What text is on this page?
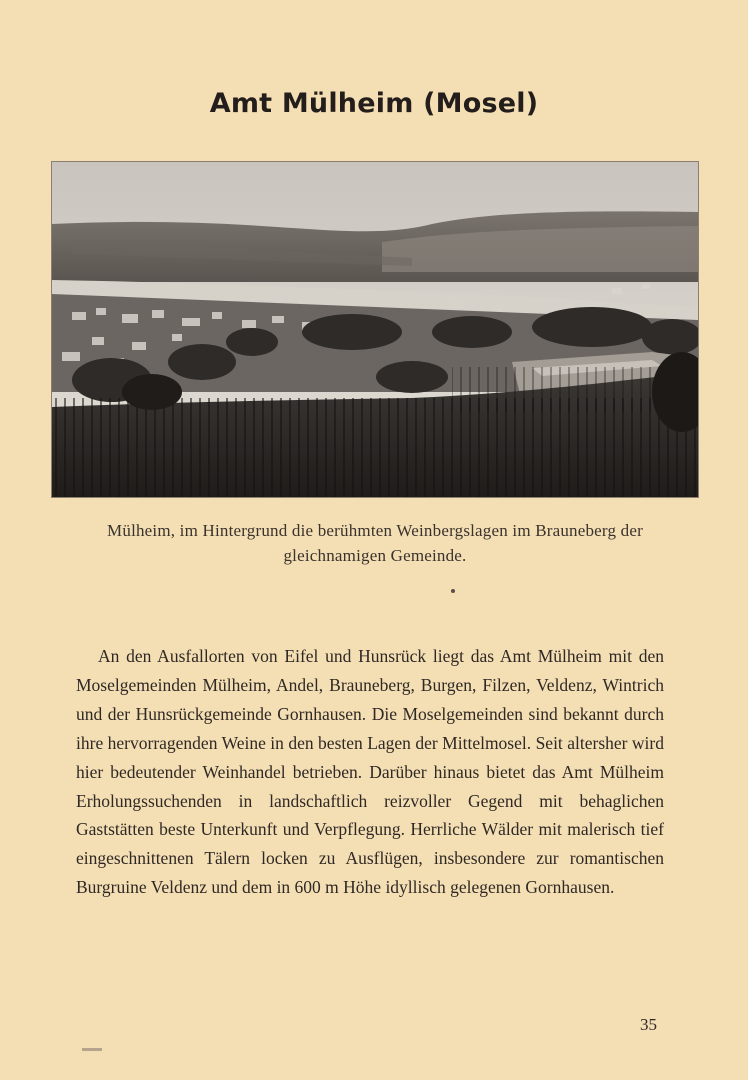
Amt Mülheim (Mosel)
Mülheim, im Hintergrund die berühmten Weinbergslagen im Brauneberg der gleichnamigen Gemeinde.

An den Ausfallorten von Eifel und Hunsrück liegt das Amt Mülheim mit den Moselgemeinden Mülheim, Andel, Brauneberg, Burgen, Filzen, Veldenz, Wintrich und der Hunsrückgemeinde Gornhausen. Die Moselgemeinden sind bekannt durch ihre hervorragenden Weine in den besten Lagen der Mittelmosel. Seit altersher wird hier bedeutender Weinhandel betrieben. Darüber hinaus bietet das Amt Mülheim Erholungssuchenden in landschaftlich reizvoller Gegend mit behaglichen Gaststätten beste Unterkunft und Verpflegung. Herrliche Wälder mit malerisch tief eingeschnittenen Tälern locken zu Ausflügen, insbesondere zur romantischen Burgruine Veldenz und dem in 600 m Höhe idyllisch gelegenen Gornhausen.

35
